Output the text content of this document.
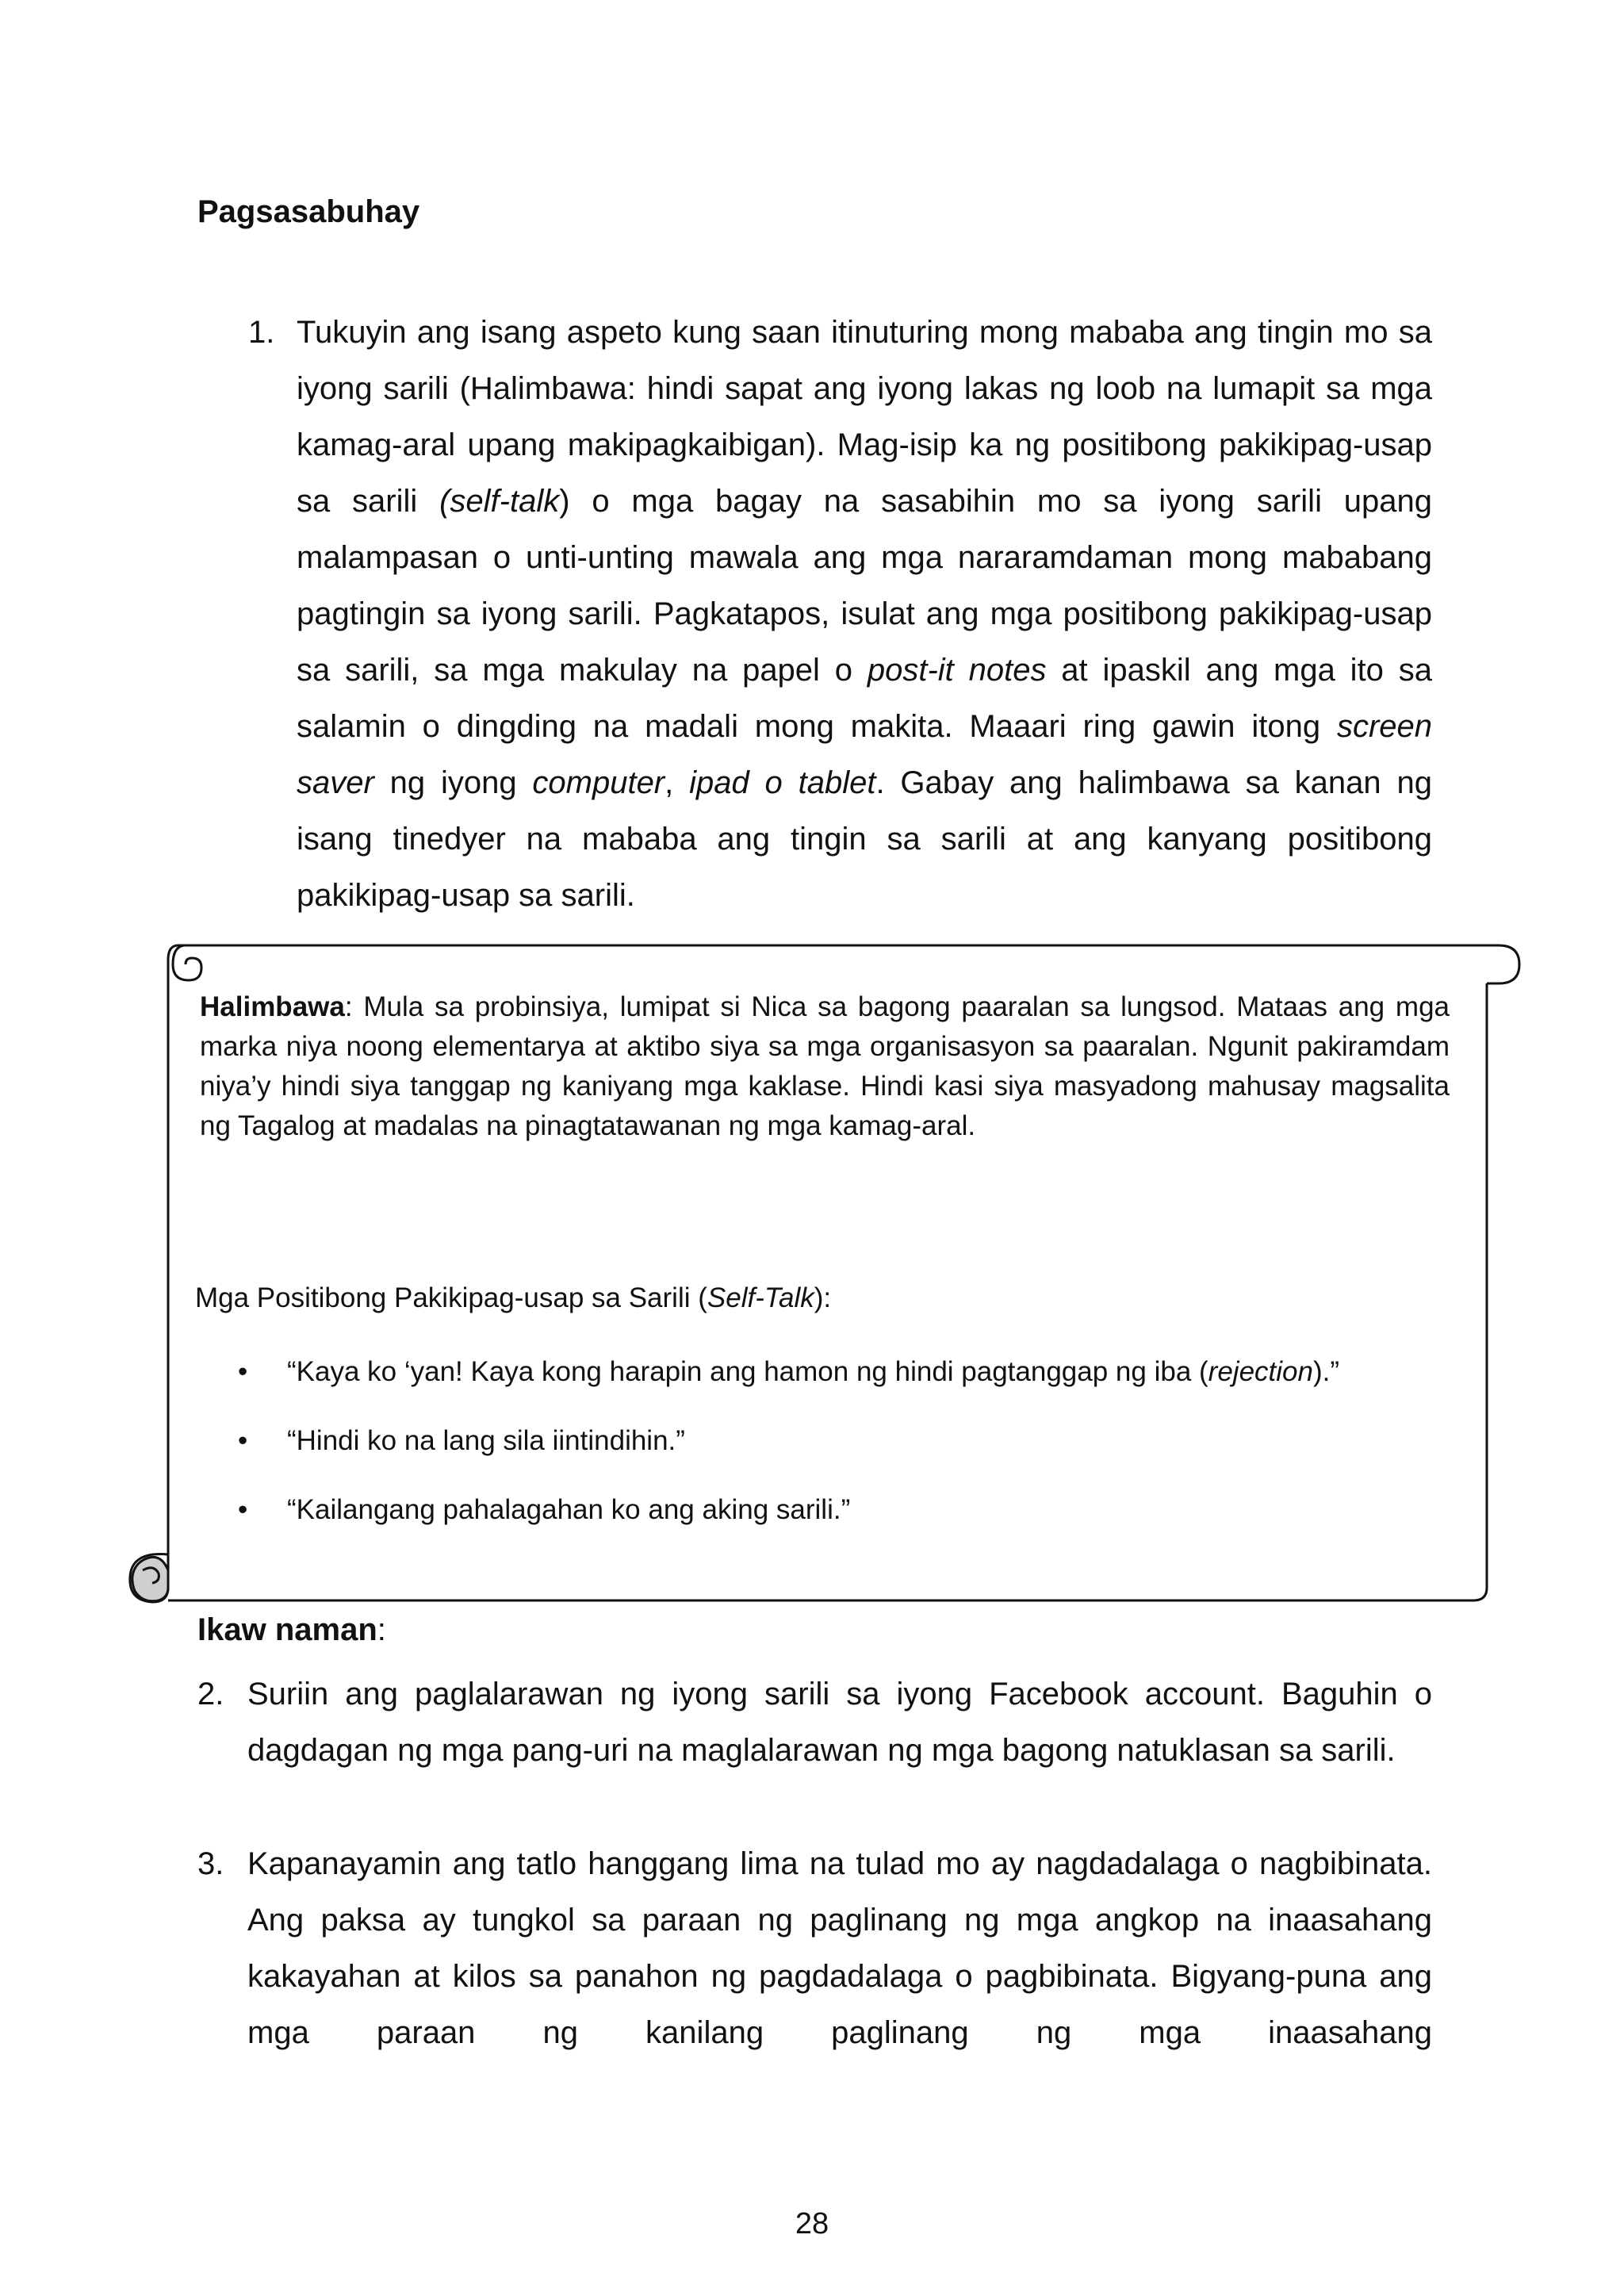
Pagsasabuhay
1. Tukuyin ang isang aspeto kung saan itinuturing mong mababa ang tingin mo sa iyong sarili (Halimbawa: hindi sapat ang iyong lakas ng loob na lumapit sa mga kamag-aral upang makipagkaibigan). Mag-isip ka ng positibong pakikipag-usap sa sarili (self-talk) o mga bagay na sasabihin mo sa iyong sarili upang malampasan o unti-unting mawala ang mga nararamdaman mong mababang pagtingin sa iyong sarili. Pagkatapos, isulat ang mga positibong pakikipag-usap sa sarili, sa mga makulay na papel o post-it notes at ipaskil ang mga ito sa salamin o dingding na madali mong makita. Maaari ring gawin itong screen saver ng iyong computer, ipad o tablet. Gabay ang halimbawa sa kanan ng isang tinedyer na mababa ang tingin sa sarili at ang kanyang positibong pakikipag-usap sa sarili.
Halimbawa: Mula sa probinsiya, lumipat si Nica sa bagong paaralan sa lungsod. Mataas ang mga marka niya noong elementarya at aktibo siya sa mga organisasyon sa paaralan. Ngunit pakiramdam niya’y hindi siya tanggap ng kaniyang mga kaklase. Hindi kasi siya masyadong mahusay magsalita ng Tagalog at madalas na pinagtatawanan ng mga kamag-aral.
Mga Positibong Pakikipag-usap sa Sarili (Self-Talk):
• “Kaya ko ‘yan! Kaya kong harapin ang hamon ng hindi pagtanggap ng iba (rejection).”
• “Hindi ko na lang sila iintindihin.”
• “Kailangang pahalagahan ko ang aking sarili.”
Ikaw naman:
2. Suriin ang paglalarawan ng iyong sarili sa iyong Facebook account. Baguhin o dagdagan ng mga pang-uri na maglalarawan ng mga bagong natuklasan sa sarili.
3. Kapanayamin ang tatlo hanggang lima na tulad mo ay nagdadalaga o nagbibinata. Ang paksa ay tungkol sa paraan ng paglinang ng mga angkop na inaasahang kakayahan at kilos sa panahon ng pagdadalaga o pagbibinata. Bigyang-puna ang mga paraan ng kanilang paglinang ng mga inaasahang
28
